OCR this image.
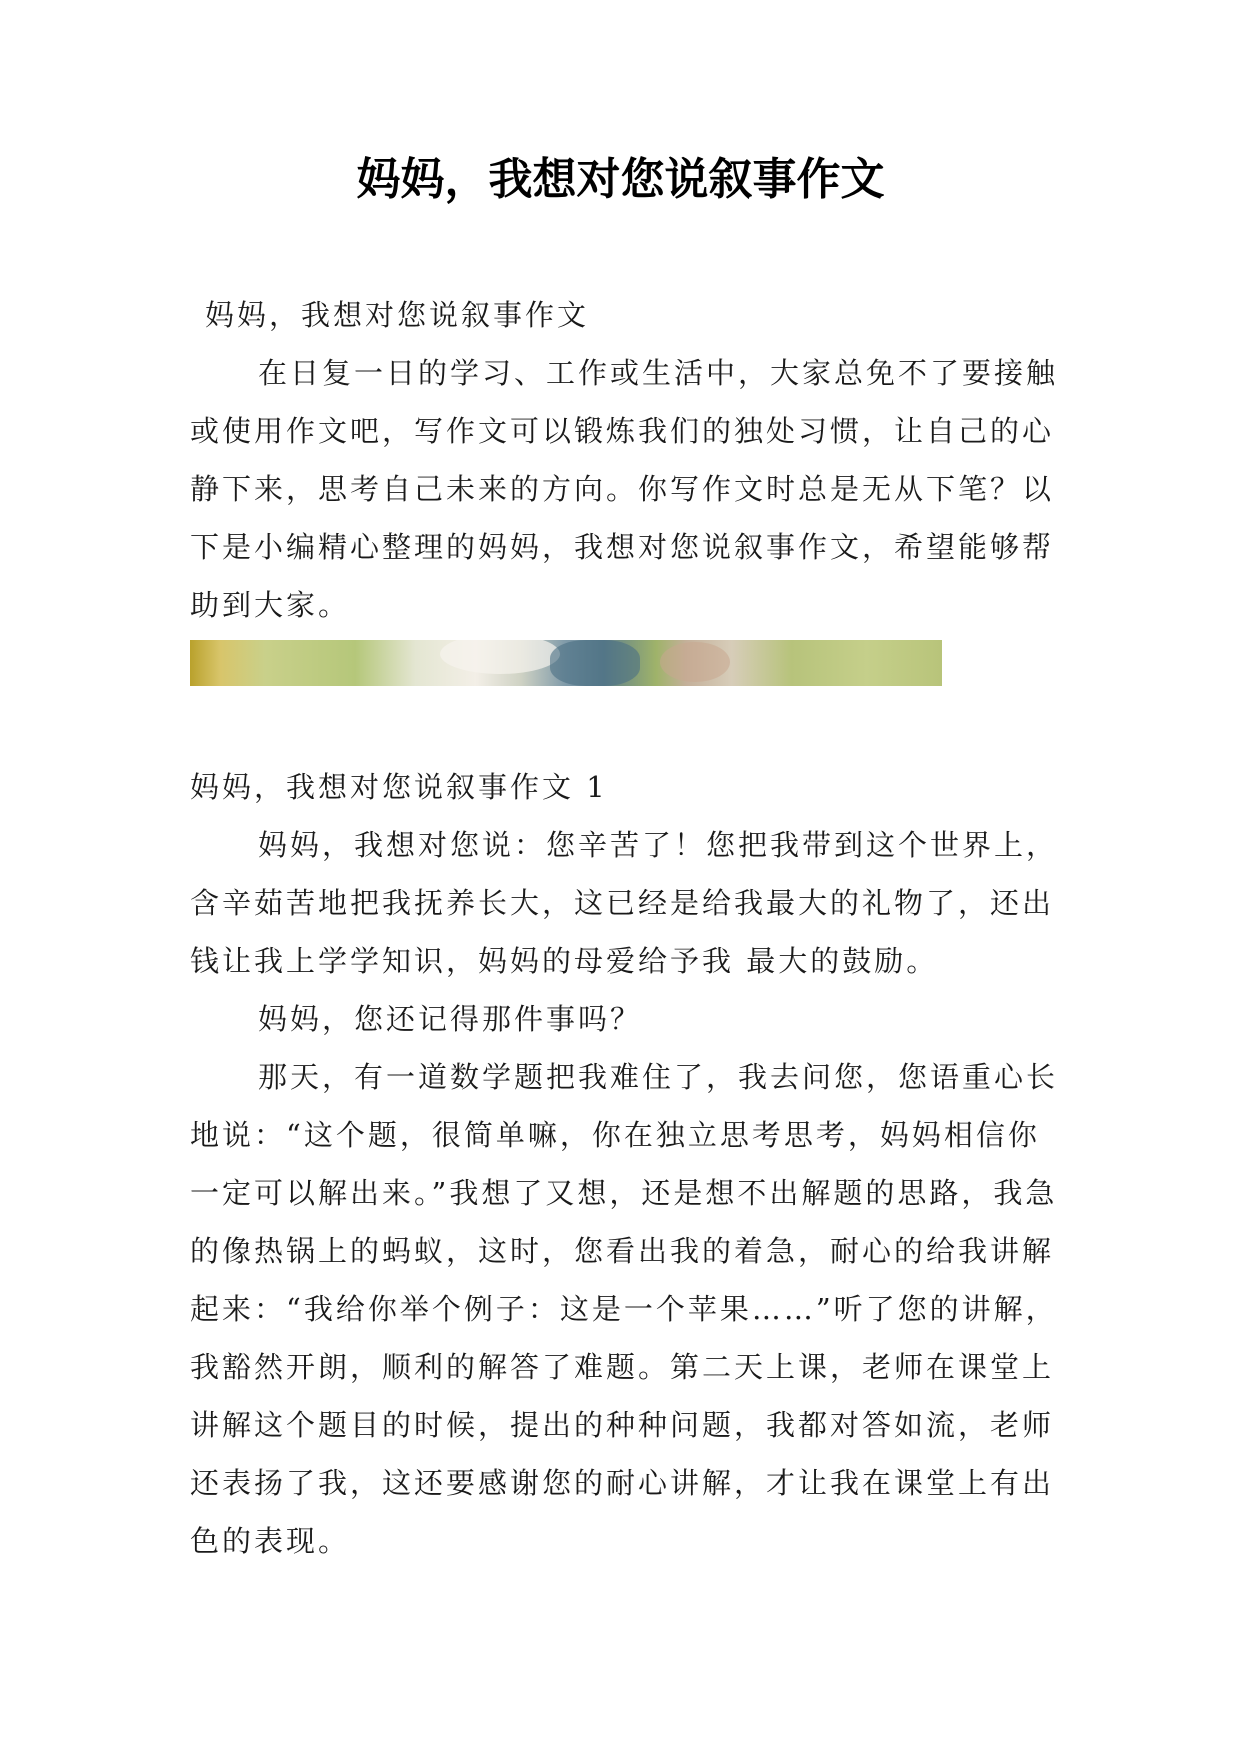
妈妈，我想对您说叙事作文

妈妈，我想对您说叙事作文

在日复一日的学习、工作或生活中，大家总免不了要接触或使用作文吧，写作文可以锻炼我们的独处习惯，让自己的心静下来，思考自己未来的方向。你写作文时总是无从下笔？以下是小编精心整理的妈妈，我想对您说叙事作文，希望能够帮助到大家。

妈妈，我想对您说叙事作文 1

妈妈，我想对您说：您辛苦了！您把我带到这个世界上，含辛茹苦地把我抚养长大，这已经是给我最大的礼物了，还出钱让我上学学知识，妈妈的母爱给予我 最大的鼓励。

妈妈，您还记得那件事吗？

那天，有一道数学题把我难住了，我去问您，您语重心长地说：“这个题，很简单嘛，你在独立思考思考，妈妈相信你一定可以解出来。”我想了又想，还是想不出解题的思路，我急的像热锅上的蚂蚁，这时，您看出我的着急，耐心的给我讲解起来：“我给你举个例子：这是一个苹果……”听了您的讲解，我豁然开朗，顺利的解答了难题。第二天上课，老师在课堂上讲解这个题目的时候，提出的种种问题，我都对答如流，老师还表扬了我，这还要感谢您的耐心讲解，才让我在课堂上有出色的表现。
